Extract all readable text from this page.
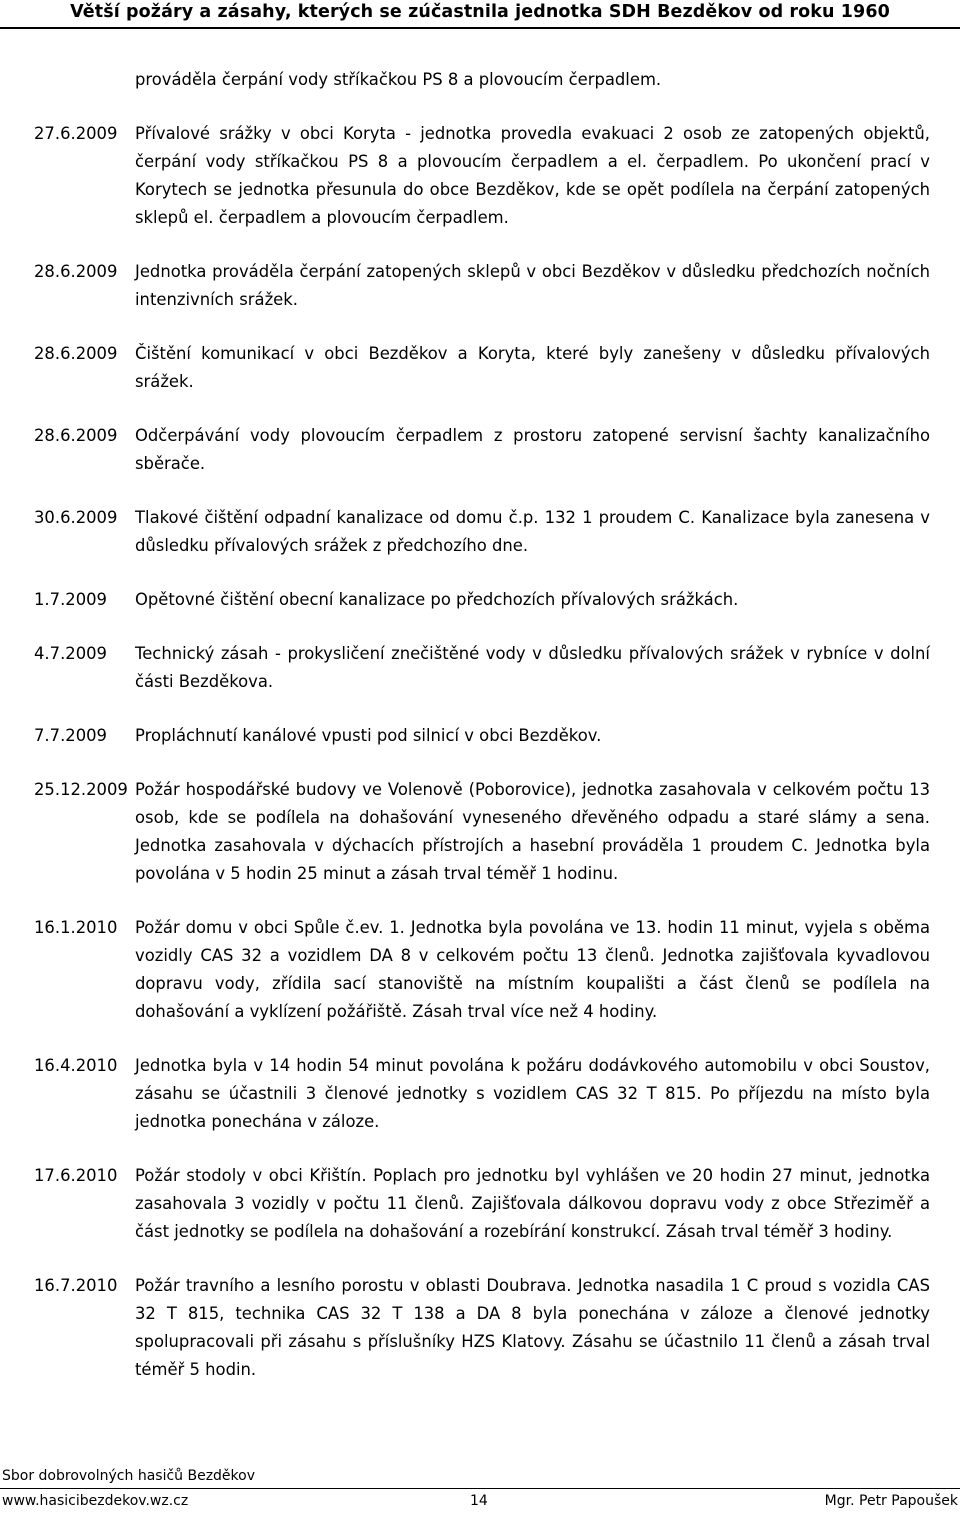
Větší požáry a zásahy, kterých se zúčastnila jednotka SDH Bezděkov od roku 1960
prováděla čerpání vody stříkačkou PS 8 a plovoucím čerpadlem.
27.6.2009	Přívalové srážky v obci Koryta - jednotka provedla evakuaci 2 osob ze zatopených objektů, čerpání vody stříkačkou PS 8 a plovoucím čerpadlem a el. čerpadlem. Po ukončení prací v Korytech se jednotka přesunula do obce Bezděkov, kde se opět podílela na čerpání zatopených sklepů el. čerpadlem a plovoucím čerpadlem.
28.6.2009	Jednotka prováděla čerpání zatopených sklepů v obci Bezděkov v důsledku předchozích nočních intenzivních srážek.
28.6.2009	Čištění komunikací v obci Bezděkov a Koryta, které byly zanešeny v důsledku přívalových srážek.
28.6.2009	Odčerpávání vody plovoucím čerpadlem z prostoru zatopené servisní šachty kanalizačního sběrače.
30.6.2009	Tlakové čištění odpadní kanalizace od domu č.p. 132 1 proudem C. Kanalizace byla zanesena v důsledku přívalových srážek z předchozího dne.
1.7.2009	Opětovné čištění obecní kanalizace po předchozích přívalových srážkách.
4.7.2009	Technický zásah - prokysličení znečištěné vody v důsledku přívalových srážek v rybníce v dolní části Bezděkova.
7.7.2009	Propláchnutí kanálové vpusti pod silnicí v obci Bezděkov.
25.12.2009 Požár hospodářské budovy ve Volenově (Poborovice), jednotka zasahovala v celkovém počtu 13 osob, kde se podílela na dohašování vyneseného dřevěného odpadu a staré slámy a sena. Jednotka zasahovala v dýchacích přístrojích a hasební prováděla 1 proudem C. Jednotka byla povolána v 5 hodin 25 minut a zásah trval téměř 1 hodinu.
16.1.2010	Požár domu v obci Spůle č.ev. 1. Jednotka byla povolána ve 13. hodin 11 minut, vyjela s oběma vozidly CAS 32 a vozidlem DA 8 v celkovém počtu 13 členů. Jednotka zajišťovala kyvadlovou dopravu vody, zřídila sací stanoviště na místním koupališti a část členů se podílela na dohašování a vyklízení požářiště. Zásah trval více než 4 hodiny.
16.4.2010	Jednotka byla v 14 hodin 54 minut povolána k požáru dodávkového automobilu v obci Soustov, zásahu se účastnili 3 členové jednotky s vozidlem CAS 32 T 815. Po příjezdu na místo byla jednotka ponechána v záloze.
17.6.2010	Požár stodoly v obci Křištín. Poplach pro jednotku byl vyhlášen ve 20 hodin 27 minut, jednotka zasahovala 3 vozidly v počtu 11 členů. Zajišťovala dálkovou dopravu vody z obce Střeziměř a část jednotky se podílela na dohašování a rozebírání konstrukcí. Zásah trval téměř 3 hodiny.
16.7.2010	Požár travního a lesního porostu v oblasti Doubrava. Jednotka nasadila 1 C proud s vozidla CAS 32 T 815, technika CAS 32 T 138 a DA 8 byla ponechána v záloze a členové jednotky spolupracovali při zásahu s příslušníky HZS Klatovy. Zásahu se účastnilo 11 členů a zásah trval téměř 5 hodin.
Sbor dobrovolných hasičů Bezděkov
www.hasicibezdekov.wz.cz	14	Mgr. Petr Papoušek
